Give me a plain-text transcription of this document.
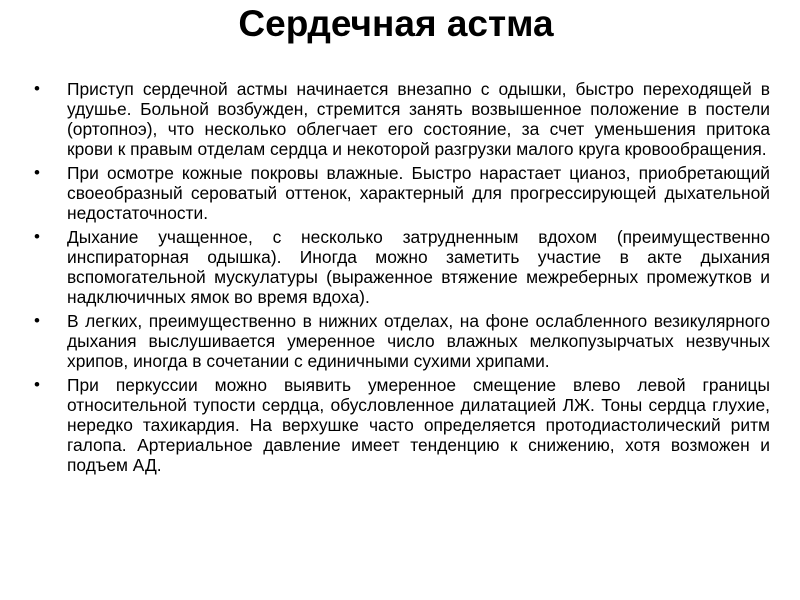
Сердечная астма
•	Приступ сердечной астмы начинается внезапно с одышки, быстро переходящей в удушье. Больной возбужден, стремится занять возвышенное положение в постели (ортопноэ), что несколько облегчает его состояние, за счет уменьшения притока крови к правым отделам сердца и некоторой разгрузки малого круга кровообращения.
•	При осмотре кожные покровы влажные. Быстро нарастает цианоз, приобретающий своеобразный сероватый оттенок, характерный для прогрессирующей дыхательной недостаточности.
•	Дыхание учащенное, с несколько затрудненным вдохом (преимущественно инспираторная одышка). Иногда можно заметить участие в акте дыхания вспомогательной мускулатуры (выраженное втяжение межреберных промежутков и надключичных ямок во время вдоха).
•	В легких, преимущественно в нижних отделах, на фоне ослабленного везикулярного дыхания выслушивается умеренное число влажных мелкопузырчатых незвучных хрипов, иногда в сочетании с единичными сухими хрипами.
•	При перкуссии можно выявить умеренное смещение влево левой границы относительной тупости сердца, обусловленное дилатацией ЛЖ. Тоны сердца глухие, нередко тахикардия. На верхушке часто определяется протодиастолический ритм галопа. Артериальное давление имеет тенденцию к снижению, хотя возможен и подъем АД.
